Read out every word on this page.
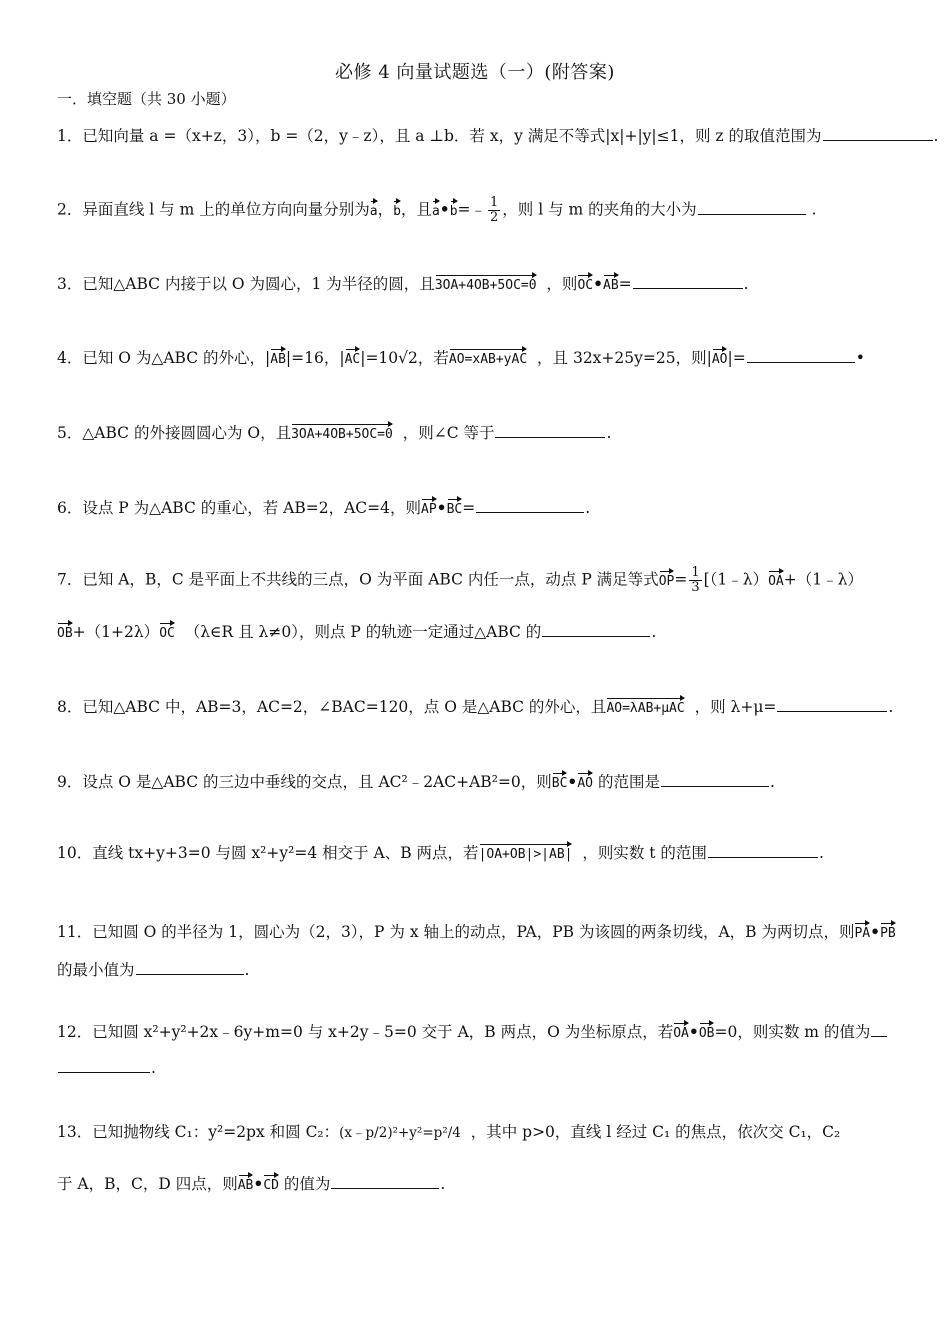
必修 4 向量试题选（一）(附答案)
一．填空题（共 30 小题）
1．已知向量 a =（x+z，3），b =（2，y﹣z），且 a ⊥b．若 x，y 满足不等式|x|+|y|≤1，则 z 的取值范围为	.
2．异面直线 l 与 m 上的单位方向向量分别为a，b，且a•b=﹣ $\frac{1}{2}$ ，则 l 与 m 的夹角的大小为	.
3．已知△ABC 内接于以 O 为圆心，1 为半径的圆，且3OA+4OB+5OC=0 ，则OC•AB=	.
4．已知 O 为△ABC 的外心，|AB|=16，|AC|=10√2，若AO=xAB+yAC ，且 32x+25y=25，则|AO|=	•
5．△ABC 的外接圆圆心为 O，且3OA+4OB+5OC=0 ，则∠C 等于	.
6．设点 P 为△ABC 的重心，若 AB=2，AC=4，则AP•BC=	.
7．已知 A，B，C 是平面上不共线的三点，O 为平面 ABC 内任一点，动点 P 满足等式$OP= \frac{1}{3}$ [（1﹣λ）OA+（1﹣λ）
OB+（1+2λ）OC （λ∈R 且 λ≠0），则点 P 的轨迹一定通过△ABC 的	.
8．已知△ABC 中，AB=3，AC=2，∠BAC=120，点 O 是△ABC 的外心，且AO=λAB+μAC ，则 λ+μ=	.
9．设点 O 是△ABC 的三边中垂线的交点，且 AC²﹣2AC+AB²=0，则BC•AO 的范围是	.
10．直线 tx+y+3=0 与圆 x²+y²=4 相交于 A、B 两点，若|OA+OB|>|AB| ，则实数 t 的范围	.
11．已知圆 O 的半径为 1，圆心为（2，3），P 为 x 轴上的动点，PA，PB 为该圆的两条切线，A，B 为两切点，则PA•PB
的最小值为	.
12．已知圆 x²+y²+2x﹣6y+m=0 与 x+2y﹣5=0 交于 A，B 两点，O 为坐标原点，若OA•OB=0，则实数 m 的值为
.
13．已知抛物线 C₁：y²=2px 和圆 C₂：(x﹣p/2)²+y²=p²/4 ，其中 p>0，直线 l 经过 C₁ 的焦点，依次交 C₁，C₂
于 A，B，C，D 四点，则AB•CD 的值为	.
